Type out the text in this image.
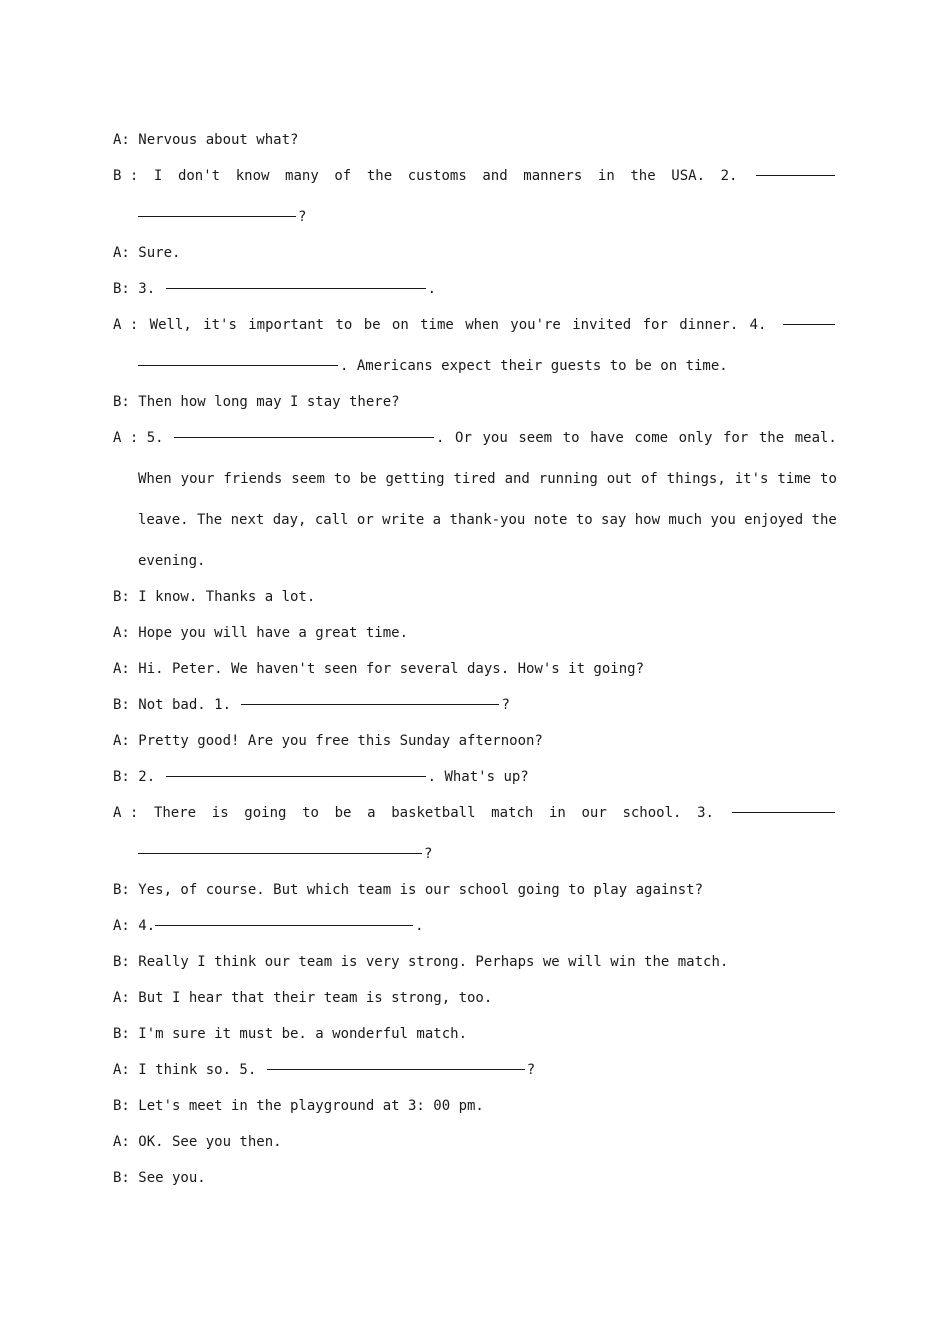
A: Nervous about what?
B : I don't know many of the customs and manners in the USA. 2.
?
A: Sure.
B: 3.
	.
A : Well, it's important to be on time when you're invited for dinner. 4.
. Americans expect their guests to be on time.
B: Then how long may I stay there?
A : 5.
	. Or you seem to have come only for the meal.
When your friends seem to be getting tired and running out of things, it's time to
leave. The next day, call or write a thank-you note to say how much you enjoyed the
evening.
B: I know. Thanks a lot.
A: Hope you will have a great time.
A: Hi. Peter. We haven't seen for several days. How's it going?
B: Not bad. 1.
	?
A: Pretty good! Are you free this Sunday afternoon?
B: 2.
	. What's up?
A : There is going to be a basketball match in our school. 3.
?
B: Yes, of course. But which team is our school going to play against?
A: 4.	.
B: Really I think our team is very strong. Perhaps we will win the match.
A: But I hear that their team is strong, too.
B: I'm sure it must be. a wonderful match.
A: I think so. 5.
	?
B: Let's meet in the playground at 3: 00 pm.
A: OK. See you then.
B: See you.
